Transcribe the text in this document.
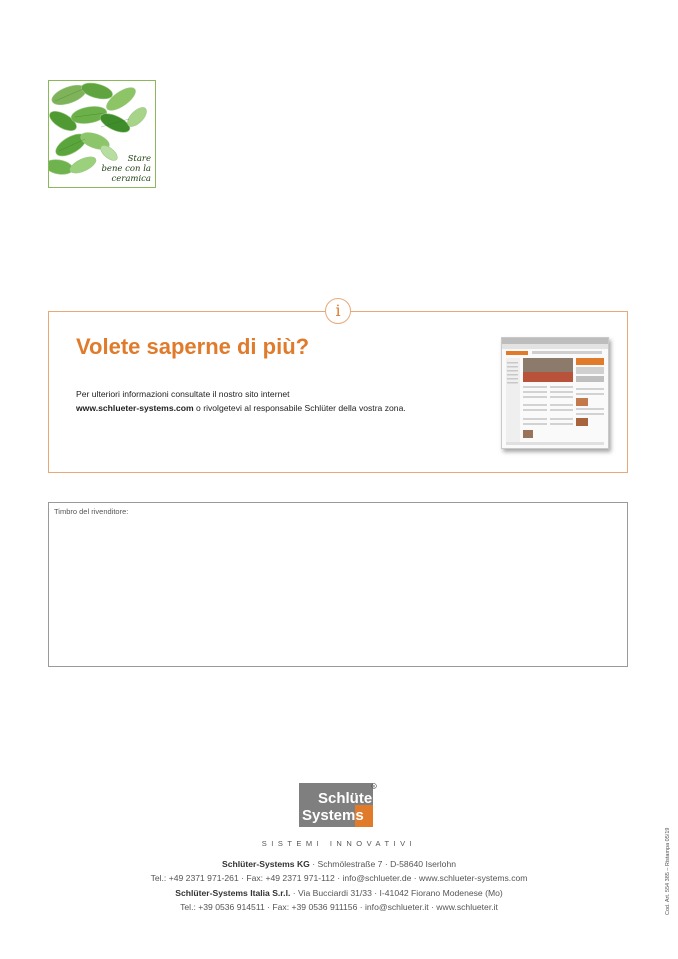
Stare
bene con la
ceramica
i
Volete saperne di più?
Per ulteriori informazioni consultate il nostro sito internet
www.schlueter-systems.com o rivolgetevi al responsabile Schlüter della vostra zona.
Timbro del rivenditore:
Schlüter
Systems
R
SISTEMI INNOVATIVI
Schlüter-Systems KG · Schmölestraße 7 · D-58640 Iserlohn
Tel.: +49 2371 971-261 · Fax: +49 2371 971-112 · info@schlueter.de · www.schlueter-systems.com
Schlüter-Systems Italia S.r.l. · Via Bucciardi 31/33 · I-41042 Fiorano Modenese (Mo)
Tel.: +39 0536 914511 · Fax: +39 0536 911156 · info@schlueter.it · www.schlueter.it	Cod. Art. 554 385 – Ristampa 05/19
